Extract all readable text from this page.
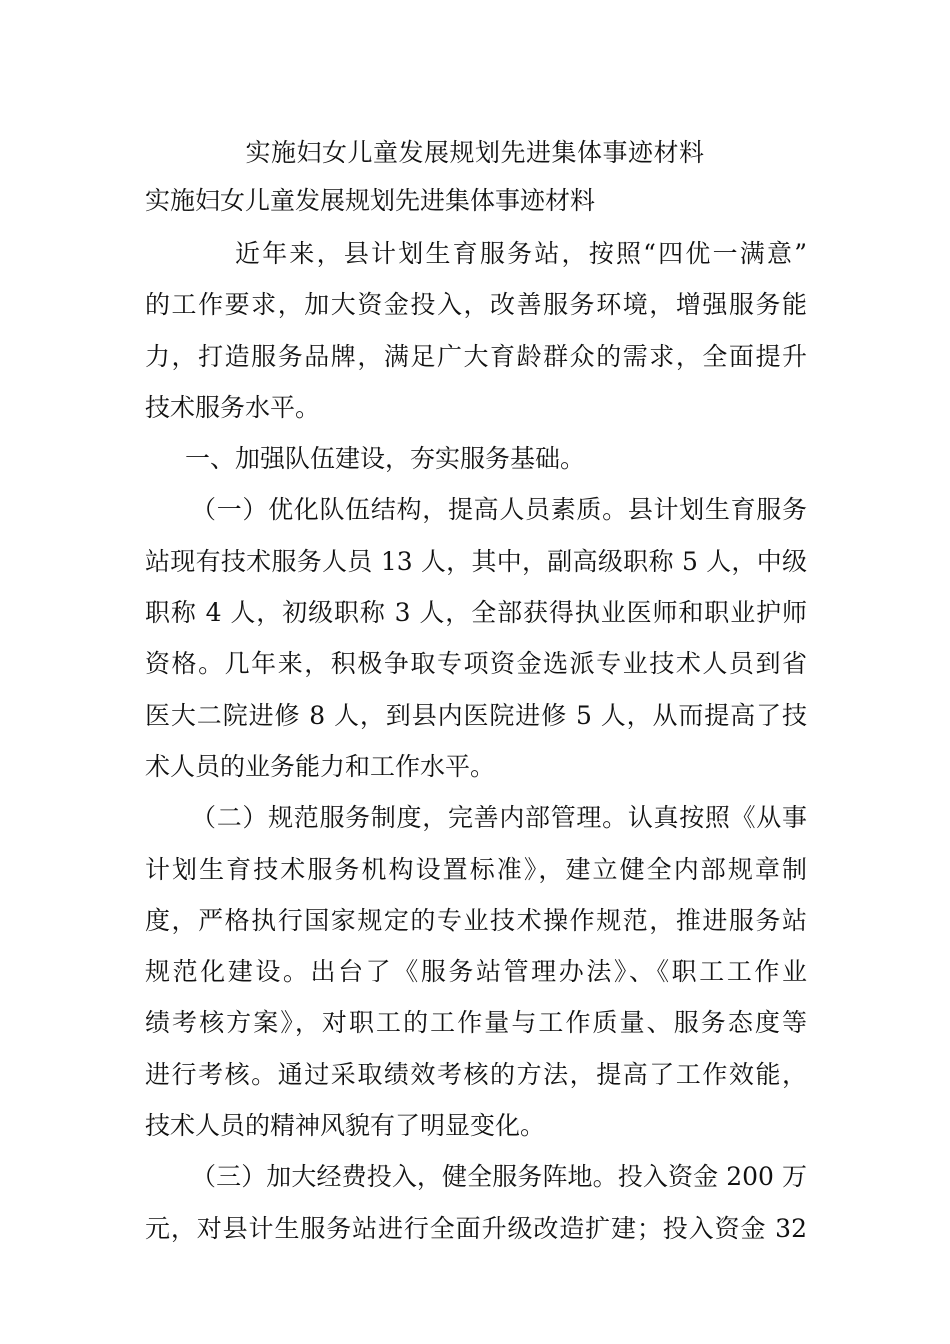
实施妇女儿童发展规划先进集体事迹材料
实施妇女儿童发展规划先进集体事迹材料
近年来，县计划生育服务站，按照“四优一满意”
的工作要求，加大资金投入，改善服务环境，增强服务能
力，打造服务品牌，满足广大育龄群众的需求，全面提升
技术服务水平。
一、加强队伍建设，夯实服务基础。
（一）优化队伍结构，提高人员素质。县计划生育服务
站现有技术服务人员 13 人，其中，副高级职称 5 人，中级
职称 4 人，初级职称 3 人，全部获得执业医师和职业护师
资格。几年来，积极争取专项资金选派专业技术人员到省
医大二院进修 8 人，到县内医院进修 5 人，从而提高了技
术人员的业务能力和工作水平。
（二）规范服务制度，完善内部管理。认真按照《从事
计划生育技术服务机构设置标准》，建立健全内部规章制
度，严格执行国家规定的专业技术操作规范，推进服务站
规范化建设。出台了《服务站管理办法》、《职工工作业
绩考核方案》，对职工的工作量与工作质量、服务态度等
进行考核。通过采取绩效考核的方法，提高了工作效能，
技术人员的精神风貌有了明显变化。
（三）加大经费投入，健全服务阵地。投入资金 200 万
元，对县计生服务站进行全面升级改造扩建；投入资金 32
